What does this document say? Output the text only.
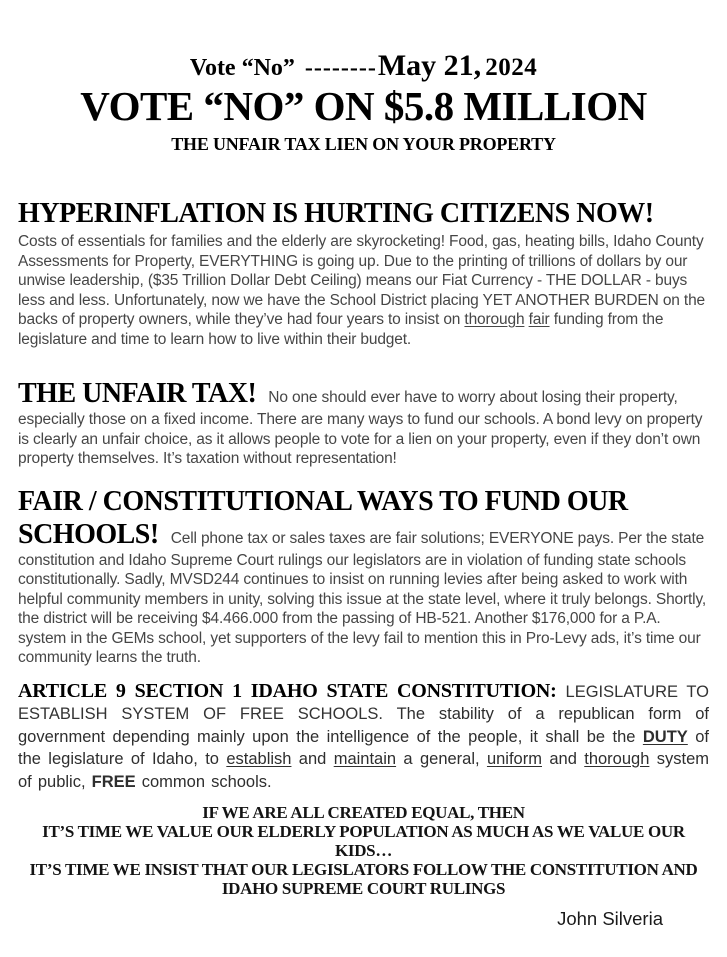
Vote “No” --------May 21, 2024
VOTE “NO” ON $5.8 MILLION
THE UNFAIR TAX LIEN ON YOUR PROPERTY
HYPERINFLATION IS HURTING CITIZENS NOW!

Costs of essentials for families and the elderly are skyrocketing! Food, gas, heating bills, Idaho County Assessments for Property, EVERYTHING is going up. Due to the printing of trillions of dollars by our unwise leadership, ($35 Trillion Dollar Debt Ceiling) means our Fiat Currency - THE DOLLAR - buys less and less. Unfortunately, now we have the School District placing YET ANOTHER BURDEN on the backs of property owners, while they’ve had four years to insist on thorough fair funding from the legislature and time to learn how to live within their budget.

THE UNFAIR TAX! No one should ever have to worry about losing their property, especially those on a fixed income. There are many ways to fund our schools. A bond levy on property is clearly an unfair choice, as it allows people to vote for a lien on your property, even if they don’t own property themselves. It’s taxation without representation!

FAIR / CONSTITUTIONAL WAYS TO FUND OUR SCHOOLS! Cell phone tax or sales taxes are fair solutions; EVERYONE pays. Per the state constitution and Idaho Supreme Court rulings our legislators are in violation of funding state schools constitutionally. Sadly, MVSD244 continues to insist on running levies after being asked to work with helpful community members in unity, solving this issue at the state level, where it truly belongs. Shortly, the district will be receiving $4.466.000 from the passing of HB-521. Another $176,000 for a P.A. system in the GEMs school, yet supporters of the levy fail to mention this in Pro-Levy ads, it’s time our community learns the truth.

ARTICLE 9 SECTION 1 IDAHO STATE CONSTITUTION: LEGISLATURE TO ESTABLISH SYSTEM OF FREE SCHOOLS. The stability of a republican form of government depending mainly upon the intelligence of the people, it shall be the DUTY of the legislature of Idaho, to establish and maintain a general, uniform and thorough system of public, FREE common schools.

IF WE ARE ALL CREATED EQUAL, THEN
IT’S TIME WE VALUE OUR ELDERLY POPULATION AS MUCH AS WE VALUE OUR KIDS…
IT’S TIME WE INSIST THAT OUR LEGISLATORS FOLLOW THE CONSTITUTION AND
IDAHO SUPREME COURT RULINGS
John Silveria
